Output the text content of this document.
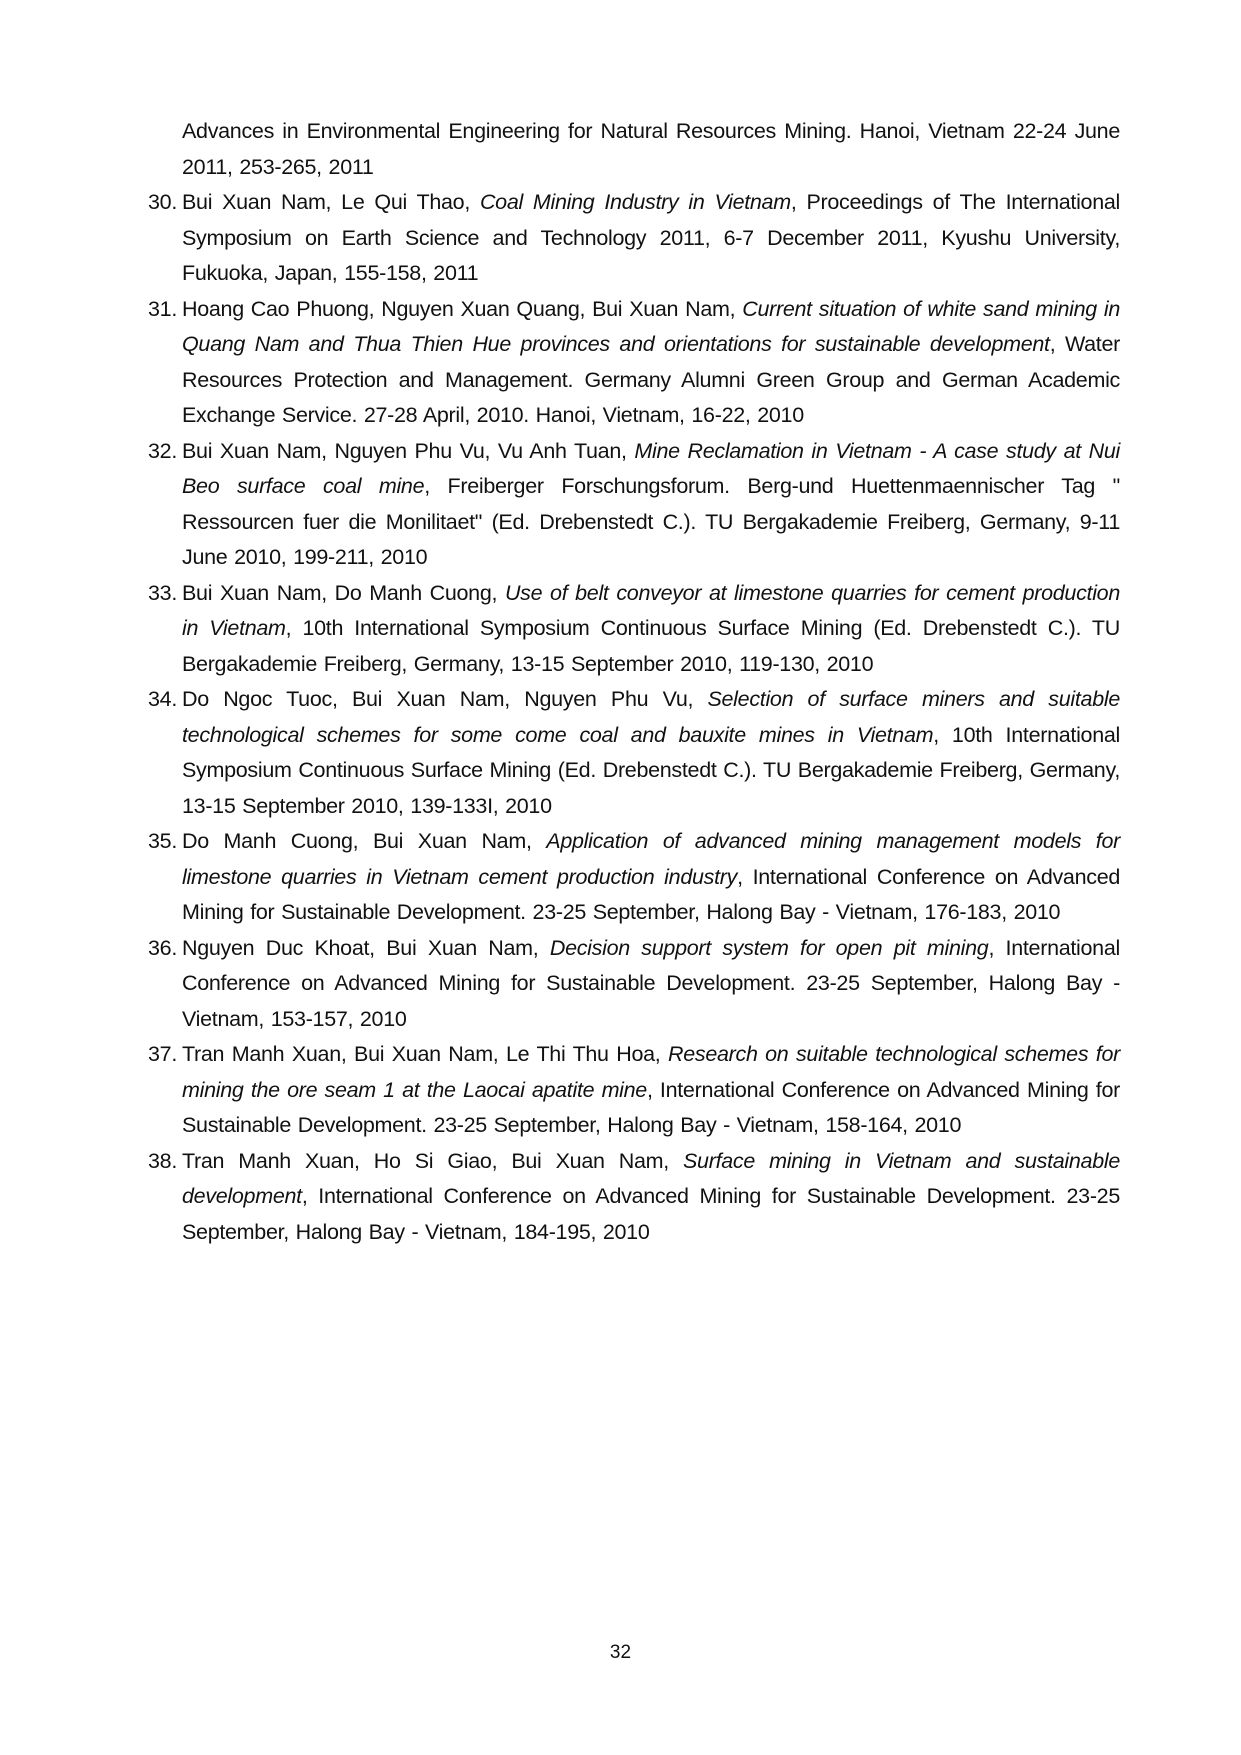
Advances in Environmental Engineering for Natural Resources Mining. Hanoi, Vietnam 22-24 June 2011, 253-265, 2011
30. Bui Xuan Nam, Le Qui Thao, Coal Mining Industry in Vietnam, Proceedings of The International Symposium on Earth Science and Technology 2011, 6-7 December 2011, Kyushu University, Fukuoka, Japan, 155-158, 2011
31. Hoang Cao Phuong, Nguyen Xuan Quang, Bui Xuan Nam, Current situation of white sand mining in Quang Nam and Thua Thien Hue provinces and orientations for sustainable development, Water Resources Protection and Management. Germany Alumni Green Group and German Academic Exchange Service. 27-28 April, 2010. Hanoi, Vietnam, 16-22, 2010
32. Bui Xuan Nam, Nguyen Phu Vu, Vu Anh Tuan, Mine Reclamation in Vietnam - A case study at Nui Beo surface coal mine, Freiberger Forschungsforum. Berg-und Huettenmaennischer Tag " Ressourcen fuer die Monilitaet" (Ed. Drebenstedt C.). TU Bergakademie Freiberg, Germany, 9-11 June 2010, 199-211, 2010
33. Bui Xuan Nam, Do Manh Cuong, Use of belt conveyor at limestone quarries for cement production in Vietnam, 10th International Symposium Continuous Surface Mining (Ed. Drebenstedt C.). TU Bergakademie Freiberg, Germany, 13-15 September 2010, 119-130, 2010
34. Do Ngoc Tuoc, Bui Xuan Nam, Nguyen Phu Vu, Selection of surface miners and suitable technological schemes for some come coal and bauxite mines in Vietnam, 10th International Symposium Continuous Surface Mining (Ed. Drebenstedt C.). TU Bergakademie Freiberg, Germany, 13-15 September 2010, 139-133I, 2010
35. Do Manh Cuong, Bui Xuan Nam, Application of advanced mining management models for limestone quarries in Vietnam cement production industry, International Conference on Advanced Mining for Sustainable Development. 23-25 September, Halong Bay - Vietnam, 176-183, 2010
36. Nguyen Duc Khoat, Bui Xuan Nam, Decision support system for open pit mining, International Conference on Advanced Mining for Sustainable Development. 23-25 September, Halong Bay - Vietnam, 153-157, 2010
37. Tran Manh Xuan, Bui Xuan Nam, Le Thi Thu Hoa, Research on suitable technological schemes for mining the ore seam 1 at the Laocai apatite mine, International Conference on Advanced Mining for Sustainable Development. 23-25 September, Halong Bay - Vietnam, 158-164, 2010
38. Tran Manh Xuan, Ho Si Giao, Bui Xuan Nam, Surface mining in Vietnam and sustainable development, International Conference on Advanced Mining for Sustainable Development. 23-25 September, Halong Bay - Vietnam, 184-195, 2010
32
